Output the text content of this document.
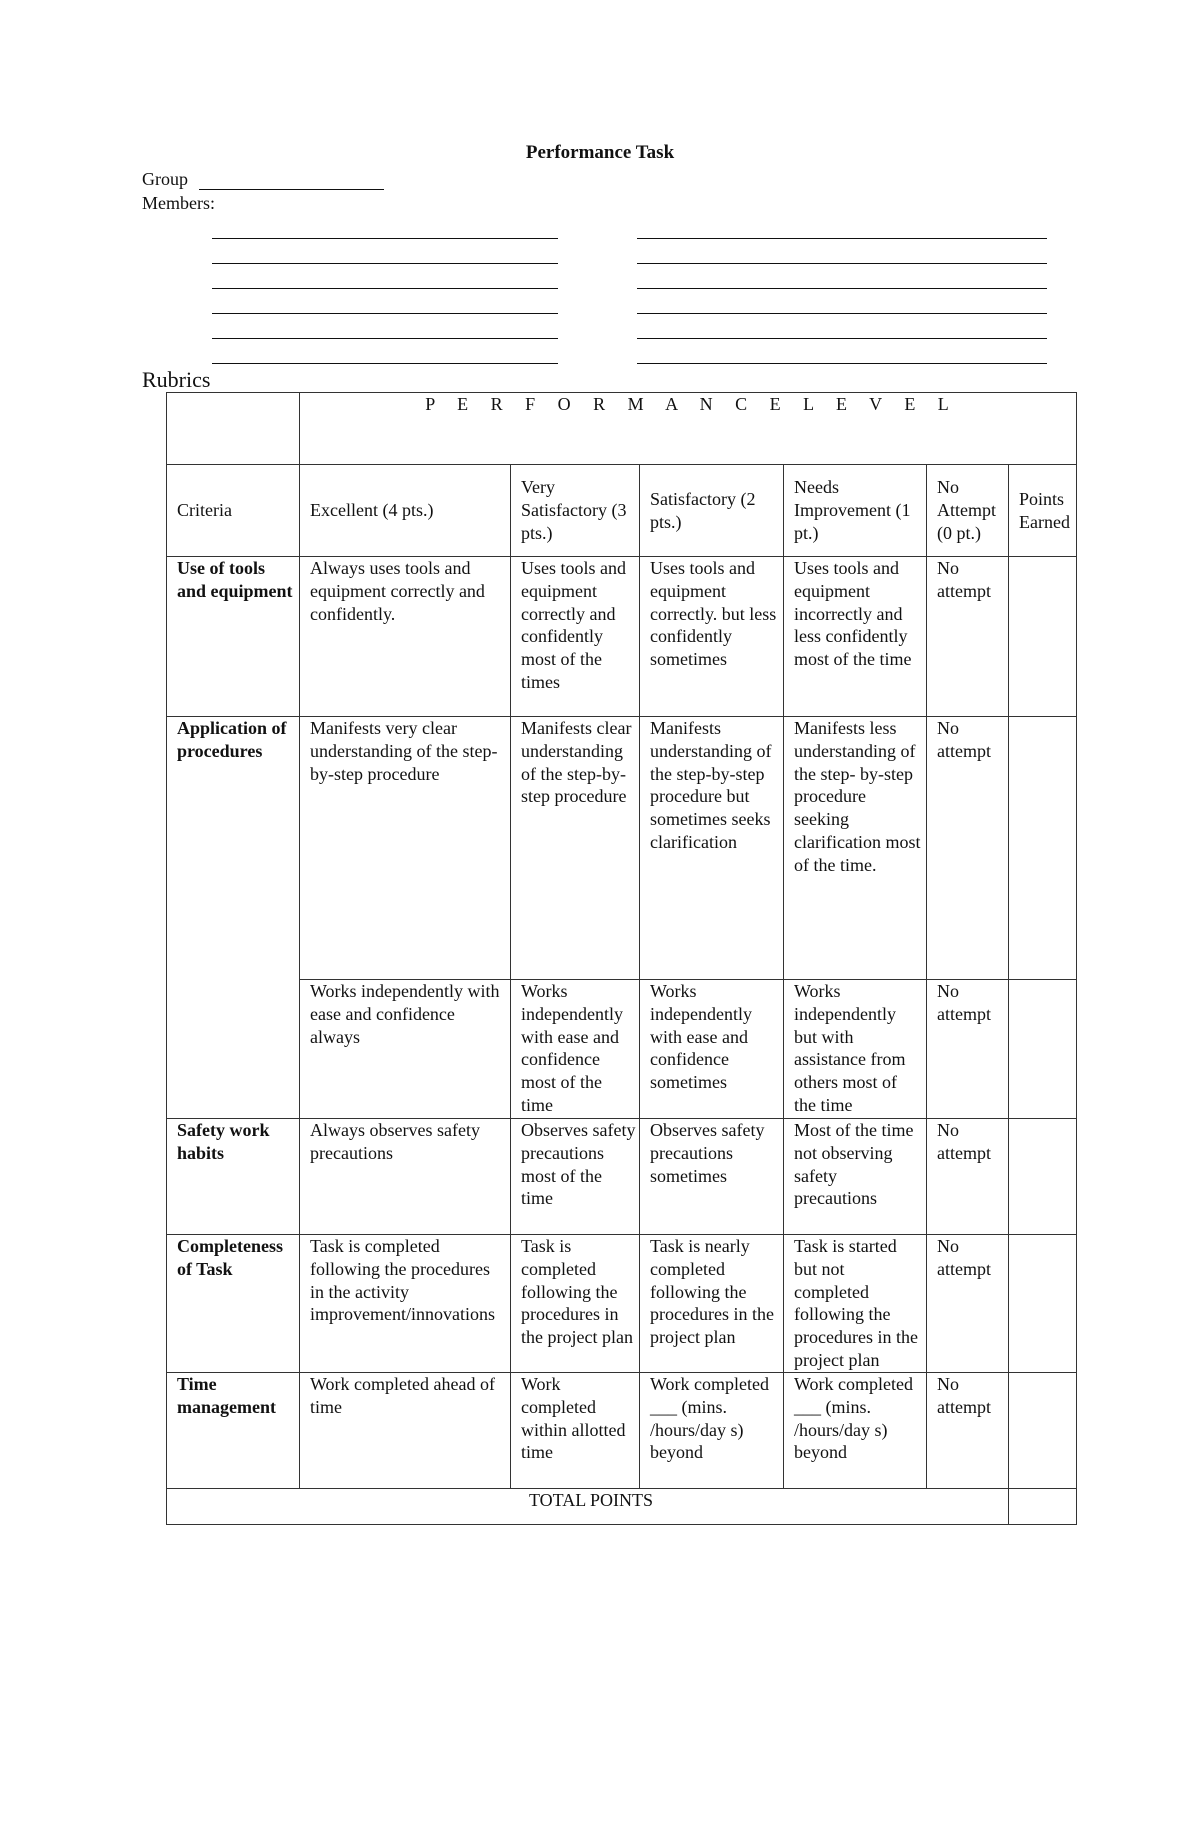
Performance Task
Group
Members:
Rubrics
	P E R F O R M A N C E L E V E L					
Criteria	Excellent (4 pts.)	Very Satisfactory (3 pts.)	Satisfactory (2 pts.)	Needs Improvement (1 pt.)	No Attempt (0 pt.)	Points Earned
Use of tools and equipment	Always uses tools and equipment correctly and confidently.	Uses tools and equipment correctly and confidently most of the times	Uses tools and equipment correctly. but less confidently sometimes	Uses tools and equipment incorrectly and less confidently most of the time	No attempt	
Application of procedures	Manifests very clear understanding of the step- by-step procedure	Manifests clear understanding of the step-by-step procedure	Manifests understanding of the step-by-step procedure but sometimes seeks clarification	Manifests less understanding of the step- by-step procedure seeking clarification most of the time.	No attempt	
	Works independently with ease and confidence always	Works independently with ease and confidence most of the time	Works independently with ease and confidence sometimes	Works independently but with assistance from others most of the time	No attempt	
Safety work habits	Always observes safety precautions	Observes safety precautions most of the time	Observes safety precautions sometimes	Most of the time not observing safety precautions	No attempt	
Completeness of Task	Task is completed following the procedures in the activity improvement/innovations	Task is completed following the procedures in the project plan	Task is nearly completed following the procedures in the project plan	Task is started but not completed following the procedures in the project plan	No attempt	
Time management	Work completed ahead of time	Work completed within allotted time	Work completed ___ (mins. /hours/day s) beyond	Work completed ___ (mins. /hours/day s) beyond	No attempt	
TOTAL POINTS						
